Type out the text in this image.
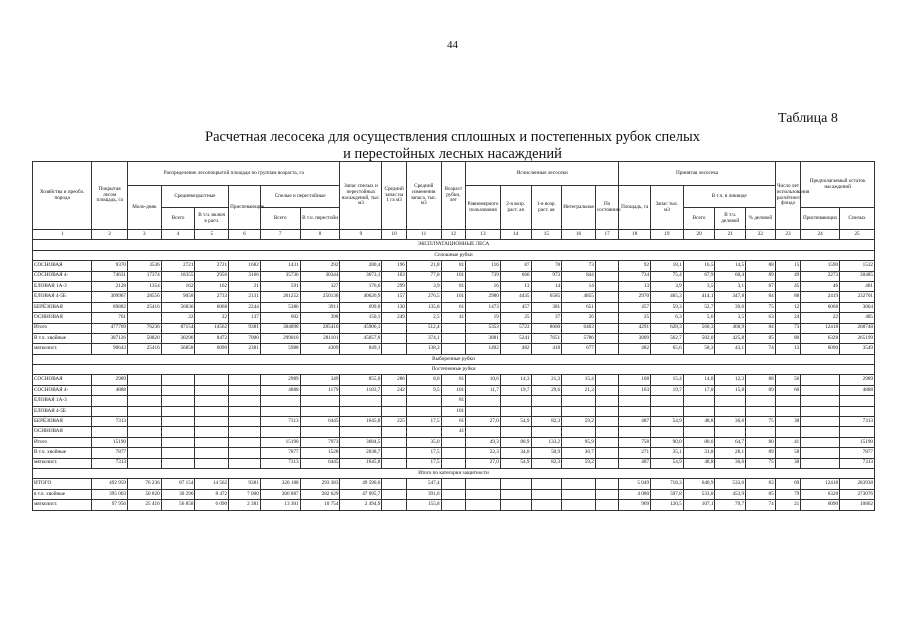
44
Таблица 8
Расчетная лесосека для осуществления сплошных и постепенных рубок спелых
и перестойных лесных насаждений
Хозяйства и преобл. порода	Покрытая лесом площадь, га	Распределение лесопокрытой площади по группам возраста, га						Запас спелых и перестойных насаждений, тыс. м3	Средний запас на 1 га м3	Средний изменения запаса, тыс. м3	Возраст рубки, лет	Исчисленные лесосеки					Принятая лесосека					Число лет использования расчётного фонда	Предполагаемый остаток насаждений	
		Моло-дняк	Средневозрастные		Приспевающие	Спелые и перестойные						Равномерного пользования	2-я возр. раст. ая	1-я возр. раст. ая	Интегральная	По состоянию	Площадь, га	Запас тыс. м3	В т.ч. в ликвиде					
			Всего	В т.ч. включ в расч.		Всего	В т.ч. перестойн												Всего	В т.ч. деловой	% деловой		Приспевающих	Спелых
1	2	3	4	5	6	7	8	9	10	11	12	13	14	15	16	17	18	19	20	21	22	23	24	25
ЭКСПЛУАТАЦИОННЫЕ ЛЕСА																								
Сплошные рубки																								
СОСНОВАЯ	9370	3536	2721	2721	1682	1431	292	280,4	196	21,8	81	116	87	78	73		92	18,1	16,5	14,5	88	15	1590	1532
СОСНОВАЯ 4-	74631	17374	18355	2956	3166	35736	30344	3673,1	103	77,8	101	739	666	973	844		734	75,4	67,9	60,4	89	49	2273	30485
ЕЛОВАЯ 1А-3	2128	1354	162	162	21	591	327	176,6	299	3,9	81	16	13	14	14		13	3,9	3,5	3,1	87	45	46	481
ЕЛОВАЯ 4-5Б	309967	28556	9058	2733	2131	261252	250138	40626,9	157	276,5	101	2980	4435	6585	4855		2970	465,3	414,1	347,8	84	88	2419	232701
БЕРЁЗОВАЯ	89882	25416	56836	6068	2244	5386	3911	699,0	130	135,8	61	1473	457	381	651		457	59,3	52,7	39,6	75	12	6068	3064
ОСИНОВАЯ	761		22	22	137	602	398	150,1	249	2,5	41	19	25	37	26		25	6,3	5,6	3,5	63	24	22	485
Итого	477769	76236	87154	14562	9381	304898	285410	45906,1		512,4		5353	5723	8060	6463		4291	628,3	560,3	468,9	84	73	12418	268748
В т.ч. хвойные	387126	50820	30296	8472	7000	299010	281101	45057,0		374,1		3881	5241	7651	5786		3809	562,7	502,0	425,8	85	80	6328	265199
мягколист.	90643	25416	56858	6090	2381	5988	4309	849,1		138,3		1492	482	418	677		482	65,6	58,3	43,1	74	13	6090	3549
Выборочные рубки																								
Постепенные рубки																								
СОСНОВАЯ	2989					2989	349	855,0	286	8,0	81	10,6	14,3	21,3	15,4		108	15,4	14,0	12,3	88	56		2989
СОСНОВАЯ 4-	4888					4888	1179	1183,7	242	9,5	101	11,7	19,7	29,6	21,3		163	19,7	17,8	15,8	89	60		4888
ЕЛОВАЯ 1А-3											81													
ЕЛОВАЯ 4-5Б											101													
БЕРЁЗОВАЯ	7313					7313	6445	1645,8	225	17,5	61	27,0	54,9	82,3	59,2		487	54,9	48,8	36,6	75	30		7313
ОСИНОВАЯ											41													
Итого	15190					15190	7973	3684,5		35,0		49,3	88,9	133,2	95,9		758	90,0	80,6	64,7	80	41		15190
В т.ч. хвойные	7877					7877	1528	2038,7		17,5		22,3	34,0	50,9	36,7		271	35,1	31,8	28,1	89	58		7877
мягколист.	7313					7313	6445	1645,8		17,5		27,0	54,9	82,3	59,2		487	54,9	48,8	36,6	75	30		7313
Итого по категории защитности																								
ИТОГО	492 959	76 236	87 154	14 562	9381	320 188	293 383	49 590,6		547,4							5 049	718,3	640,9	533,6	83	69	12418	283938
в т.ч. хвойные	395 003	50 820	30 296	8 472	7 000	306 887	282 629	47 095,7		391,6							4 080	597,8	533,8	453,9	85	79	6328	273076
мягколист.	97 956	25 416	56 858	6 090	2 381	13 301	10 754	2 494,9		155,8							969	120,5	107,1	79,7	74	21	6090	10862
